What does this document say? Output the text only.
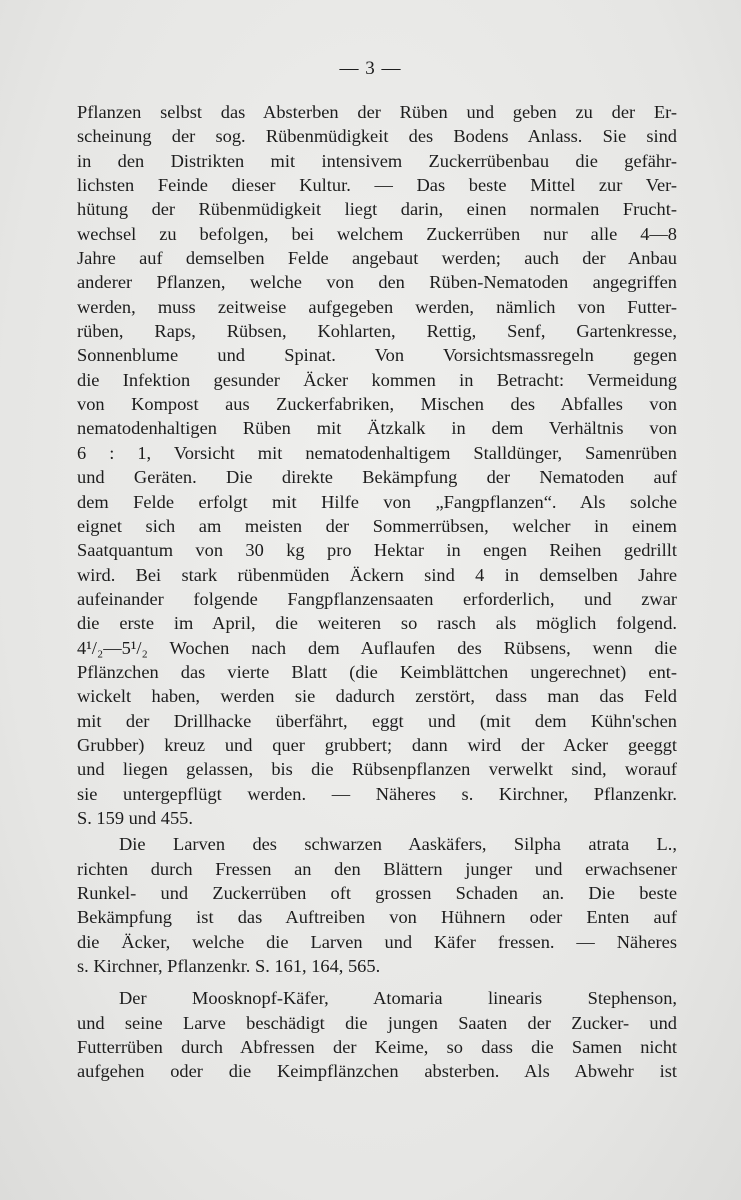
— 3 —
Pflanzen selbst das Absterben der Rüben und geben zu der Er-
scheinung der sog. Rübenmüdigkeit des Bodens Anlass. Sie sind
in den Distrikten mit intensivem Zuckerrübenbau die gefähr-
lichsten Feinde dieser Kultur. — Das beste Mittel zur Ver-
hütung der Rübenmüdigkeit liegt darin, einen normalen Frucht-
wechsel zu befolgen, bei welchem Zuckerrüben nur alle 4—8
Jahre auf demselben Felde angebaut werden; auch der Anbau
anderer Pflanzen, welche von den Rüben-Nematoden angegriffen
werden, muss zeitweise aufgegeben werden, nämlich von Futter-
rüben, Raps, Rübsen, Kohlarten, Rettig, Senf, Gartenkresse,
Sonnenblume und Spinat. Von Vorsichtsmassregeln gegen
die Infektion gesunder Äcker kommen in Betracht: Vermeidung
von Kompost aus Zuckerfabriken, Mischen des Abfalles von
nematodenhaltigen Rüben mit Ätzkalk in dem Verhältnis von
6 : 1, Vorsicht mit nematodenhaltigem Stalldünger, Samenrüben
und Geräten. Die direkte Bekämpfung der Nematoden auf
dem Felde erfolgt mit Hilfe von „Fangpflanzen“. Als solche
eignet sich am meisten der Sommerrübsen, welcher in einem
Saatquantum von 30 kg pro Hektar in engen Reihen gedrillt
wird. Bei stark rübenmüden Äckern sind 4 in demselben Jahre
aufeinander folgende Fangpflanzensaaten erforderlich, und zwar
die erste im April, die weiteren so rasch als möglich folgend.
4¹/₂—5¹/₂ Wochen nach dem Auflaufen des Rübsens, wenn die
Pflänzchen das vierte Blatt (die Keimblättchen ungerechnet) ent-
wickelt haben, werden sie dadurch zerstört, dass man das Feld
mit der Drillhacke überfährt, eggt und (mit dem Kühn'schen
Grubber) kreuz und quer grubbert; dann wird der Acker geeggt
und liegen gelassen, bis die Rübsenpflanzen verwelkt sind, worauf
sie untergepflügt werden. — Näheres s. Kirchner, Pflanzenkr.
S. 159 und 455.
Die Larven des schwarzen Aaskäfers, Silpha atrata L.,
richten durch Fressen an den Blättern junger und erwachsener
Runkel- und Zuckerrüben oft grossen Schaden an. Die beste
Bekämpfung ist das Auftreiben von Hühnern oder Enten auf
die Äcker, welche die Larven und Käfer fressen. — Näheres
s. Kirchner, Pflanzenkr. S. 161, 164, 565.
Der Moosknopf-Käfer, Atomaria linearis Stephenson,
und seine Larve beschädigt die jungen Saaten der Zucker- und
Futterrüben durch Abfressen der Keime, so dass die Samen nicht
aufgehen oder die Keimpflänzchen absterben. Als Abwehr ist
